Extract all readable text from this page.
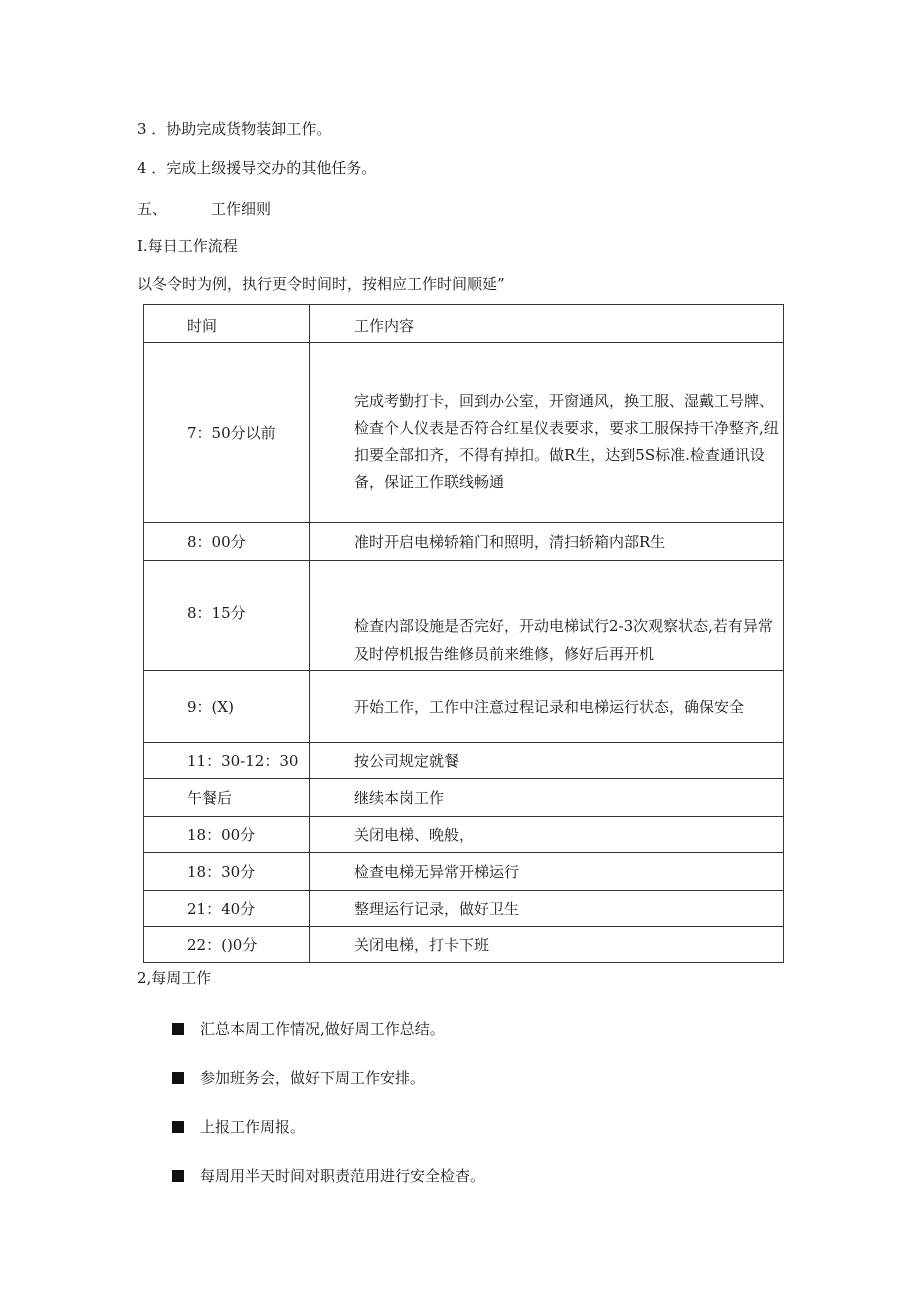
3 ．协助完成货物装卸工作。
4 ．完成上级援导交办的其他任务。
五、	工作细则
I.每日工作流程
以冬令时为例，执行更令时间时，按相应工作时间顺延”
时间	工作内容

7：50分以前	完成考勤打卡，回到办公室，开窗通风，换工服、湿戴工号牌、检查个人仪表是否符合红星仪表要求，要求工服保持干净整齐,纽扣要全部扣齐，不得有掉扣。做R生，达到5S标准.检查通讯设备，保证工作联线畅通

8：00分	准时开启电梯轿箱门和照明，清扫轿箱内部R生

8：15分	检查内部设施是否完好，开动电梯试行2-3次观察状态,若有异常及时停机报告维修员前来维修，修好后再开机

9：(X)	开始工作，工作中注意过程记录和电梯运行状态，确保安全

11：30-12：30	按公司规定就餐

午餐后	继续本岗工作

18：00分	关闭电梯、晚般，

18：30分	检查电梯无异常开梯运行

21：40分	整理运行记录，做好卫生

22：()0分	关闭电梯，打卡下班
2,每周工作
汇总本周工作情况,做好周工作总结。
参加班务会，做好下周工作安排。
上报工作周报。
每周用半天时间对职责范用进行安全检杳。
